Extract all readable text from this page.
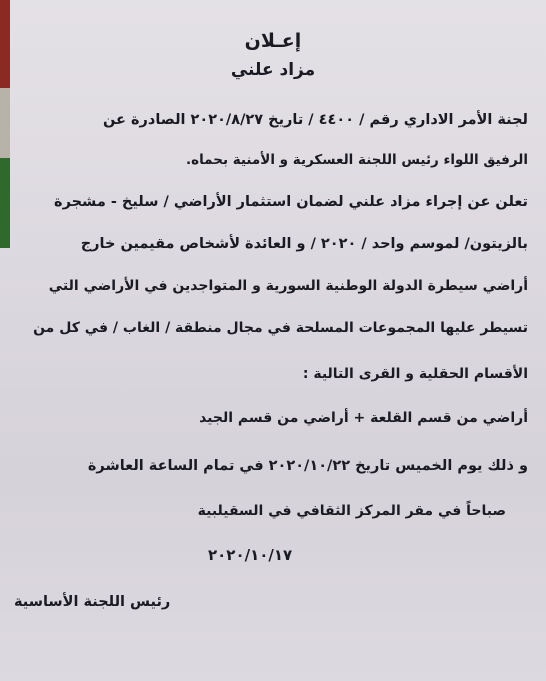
إعـلان
مزاد علني
لجنة الأمر الاداري رقم / ٤٤٠٠ / تاريخ ٢٠٢٠/٨/٢٧ الصادرة عن
الرفيق اللواء رئيس اللجنة العسكرية و الأمنية بحماه.
تعلن عن إجراء مزاد علني لضمان استثمار الأراضي / سليخ - مشجرة
بالزيتون/ لموسم واحد / ٢٠٢٠ / و العائدة لأشخاص مقيمين خارج
أراضي سيطرة الدولة الوطنية السورية و المتواجدين في الأراضي التي
تسيطر عليها المجموعات المسلحة في مجال منطقة / الغاب / في كل من
الأقسام الحقلية و القرى التالية :
أراضي من قسم القلعة + أراضي من قسم الجيد
و ذلك يوم الخميس تاريخ ٢٠٢٠/١٠/٢٢ في تمام الساعة العاشرة
صباحاً في مقر المركز الثقافي في السقيلبية
٢٠٢٠/١٠/١٧
رئيس اللجنة الأساسية
